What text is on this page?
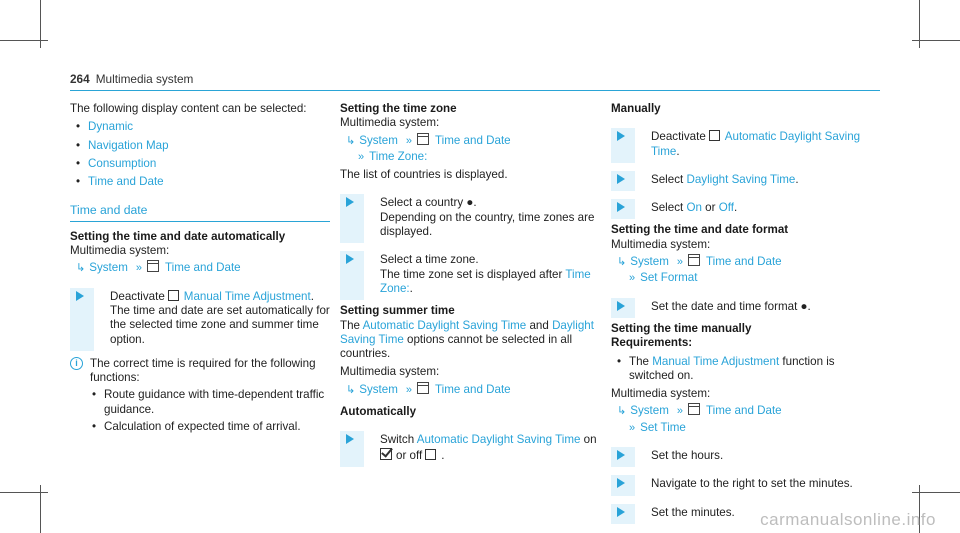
264 Multimedia system

The following display content can be selected:

• Dynamic
• Navigation Map
• Consumption
• Time and Date
Time and date

Setting the time and date automatically

Multimedia system:

↳ System » Time and Date

Deactivate Manual Time Adjustment.

The time and date are set automatically for the selected time zone and summer time option.

i	The correct time is required for the following functions:

• Route guidance with time-dependent traffic guidance.
• Calculation of expected time of arrival.

Setting the time zone

Multimedia system:

↳ System » Time and Date
» Time Zone:

The list of countries is displayed.

Select a country ●.

Depending on the country, time zones are displayed.

Select a time zone.

The time zone set is displayed after Time Zone:.

Setting summer time

The Automatic Daylight Saving Time and Daylight Saving Time options cannot be selected in all countries.

Multimedia system:

↳ System » Time and Date

Automatically

Switch Automatic Daylight Saving Time on

or off .

Manually

Deactivate Automatic Daylight Saving Time.

Select Daylight Saving Time.

Select On or Off.

Setting the time and date format

Multimedia system:

↳ System » Time and Date
» Set Format

Set the date and time format ●.

Setting the time manually

Requirements:

• The Manual Time Adjustment function is switched on.

Multimedia system:

↳ System » Time and Date
» Set Time

Set the hours.

Navigate to the right to set the minutes.

Set the minutes.	carmanualsonline.info
